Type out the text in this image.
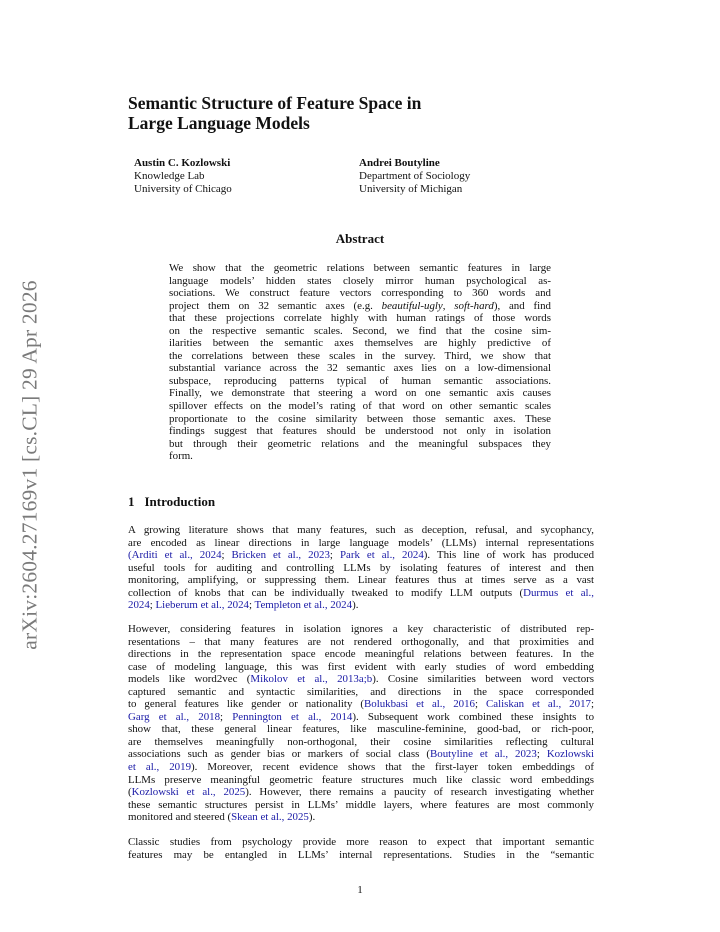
arXiv:2604.27169v1 [cs.CL] 29 Apr 2026
Semantic Structure of Feature Space in
Large Language Models
Austin C. Kozlowski
Knowledge Lab
University of Chicago
Andrei Boutyline
Department of Sociology
University of Michigan
Abstract
We show that the geometric relations between semantic features in large
language models’ hidden states closely mirror human psychological as-
sociations. We construct feature vectors corresponding to 360 words and
project them on 32 semantic axes (e.g. beautiful-ugly, soft-hard), and find
that these projections correlate highly with human ratings of those words
on the respective semantic scales. Second, we find that the cosine sim-
ilarities between the semantic axes themselves are highly predictive of
the correlations between these scales in the survey. Third, we show that
substantial variance across the 32 semantic axes lies on a low-dimensional
subspace, reproducing patterns typical of human semantic associations.
Finally, we demonstrate that steering a word on one semantic axis causes
spillover effects on the model’s rating of that word on other semantic scales
proportionate to the cosine similarity between those semantic axes. These
findings suggest that features should be understood not only in isolation
but through their geometric relations and the meaningful subspaces they
form.
1 Introduction
A growing literature shows that many features, such as deception, refusal, and sycophancy,
are encoded as linear directions in large language models’ (LLMs) internal representations
(Arditi et al., 2024; Bricken et al., 2023; Park et al., 2024). This line of work has produced
useful tools for auditing and controlling LLMs by isolating features of interest and then
monitoring, amplifying, or suppressing them. Linear features thus at times serve as a vast
collection of knobs that can be individually tweaked to modify LLM outputs (Durmus et al.,
2024; Lieberum et al., 2024; Templeton et al., 2024).
However, considering features in isolation ignores a key characteristic of distributed rep-
resentations – that many features are not rendered orthogonally, and that proximities and
directions in the representation space encode meaningful relations between features. In the
case of modeling language, this was first evident with early studies of word embedding
models like word2vec (Mikolov et al., 2013a;b). Cosine similarities between word vectors
captured semantic and syntactic similarities, and directions in the space corresponded
to general features like gender or nationality (Bolukbasi et al., 2016; Caliskan et al., 2017;
Garg et al., 2018; Pennington et al., 2014). Subsequent work combined these insights to
show that, these general linear features, like masculine-feminine, good-bad, or rich-poor,
are themselves meaningfully non-orthogonal, their cosine similarities reflecting cultural
associations such as gender bias or markers of social class (Boutyline et al., 2023; Kozlowski
et al., 2019). Moreover, recent evidence shows that the first-layer token embeddings of
LLMs preserve meaningful geometric feature structures much like classic word embeddings
(Kozlowski et al., 2025). However, there remains a paucity of research investigating whether
these semantic structures persist in LLMs’ middle layers, where features are most commonly
monitored and steered (Skean et al., 2025).
Classic studies from psychology provide more reason to expect that important semantic
features may be entangled in LLMs’ internal representations. Studies in the “semantic
1
